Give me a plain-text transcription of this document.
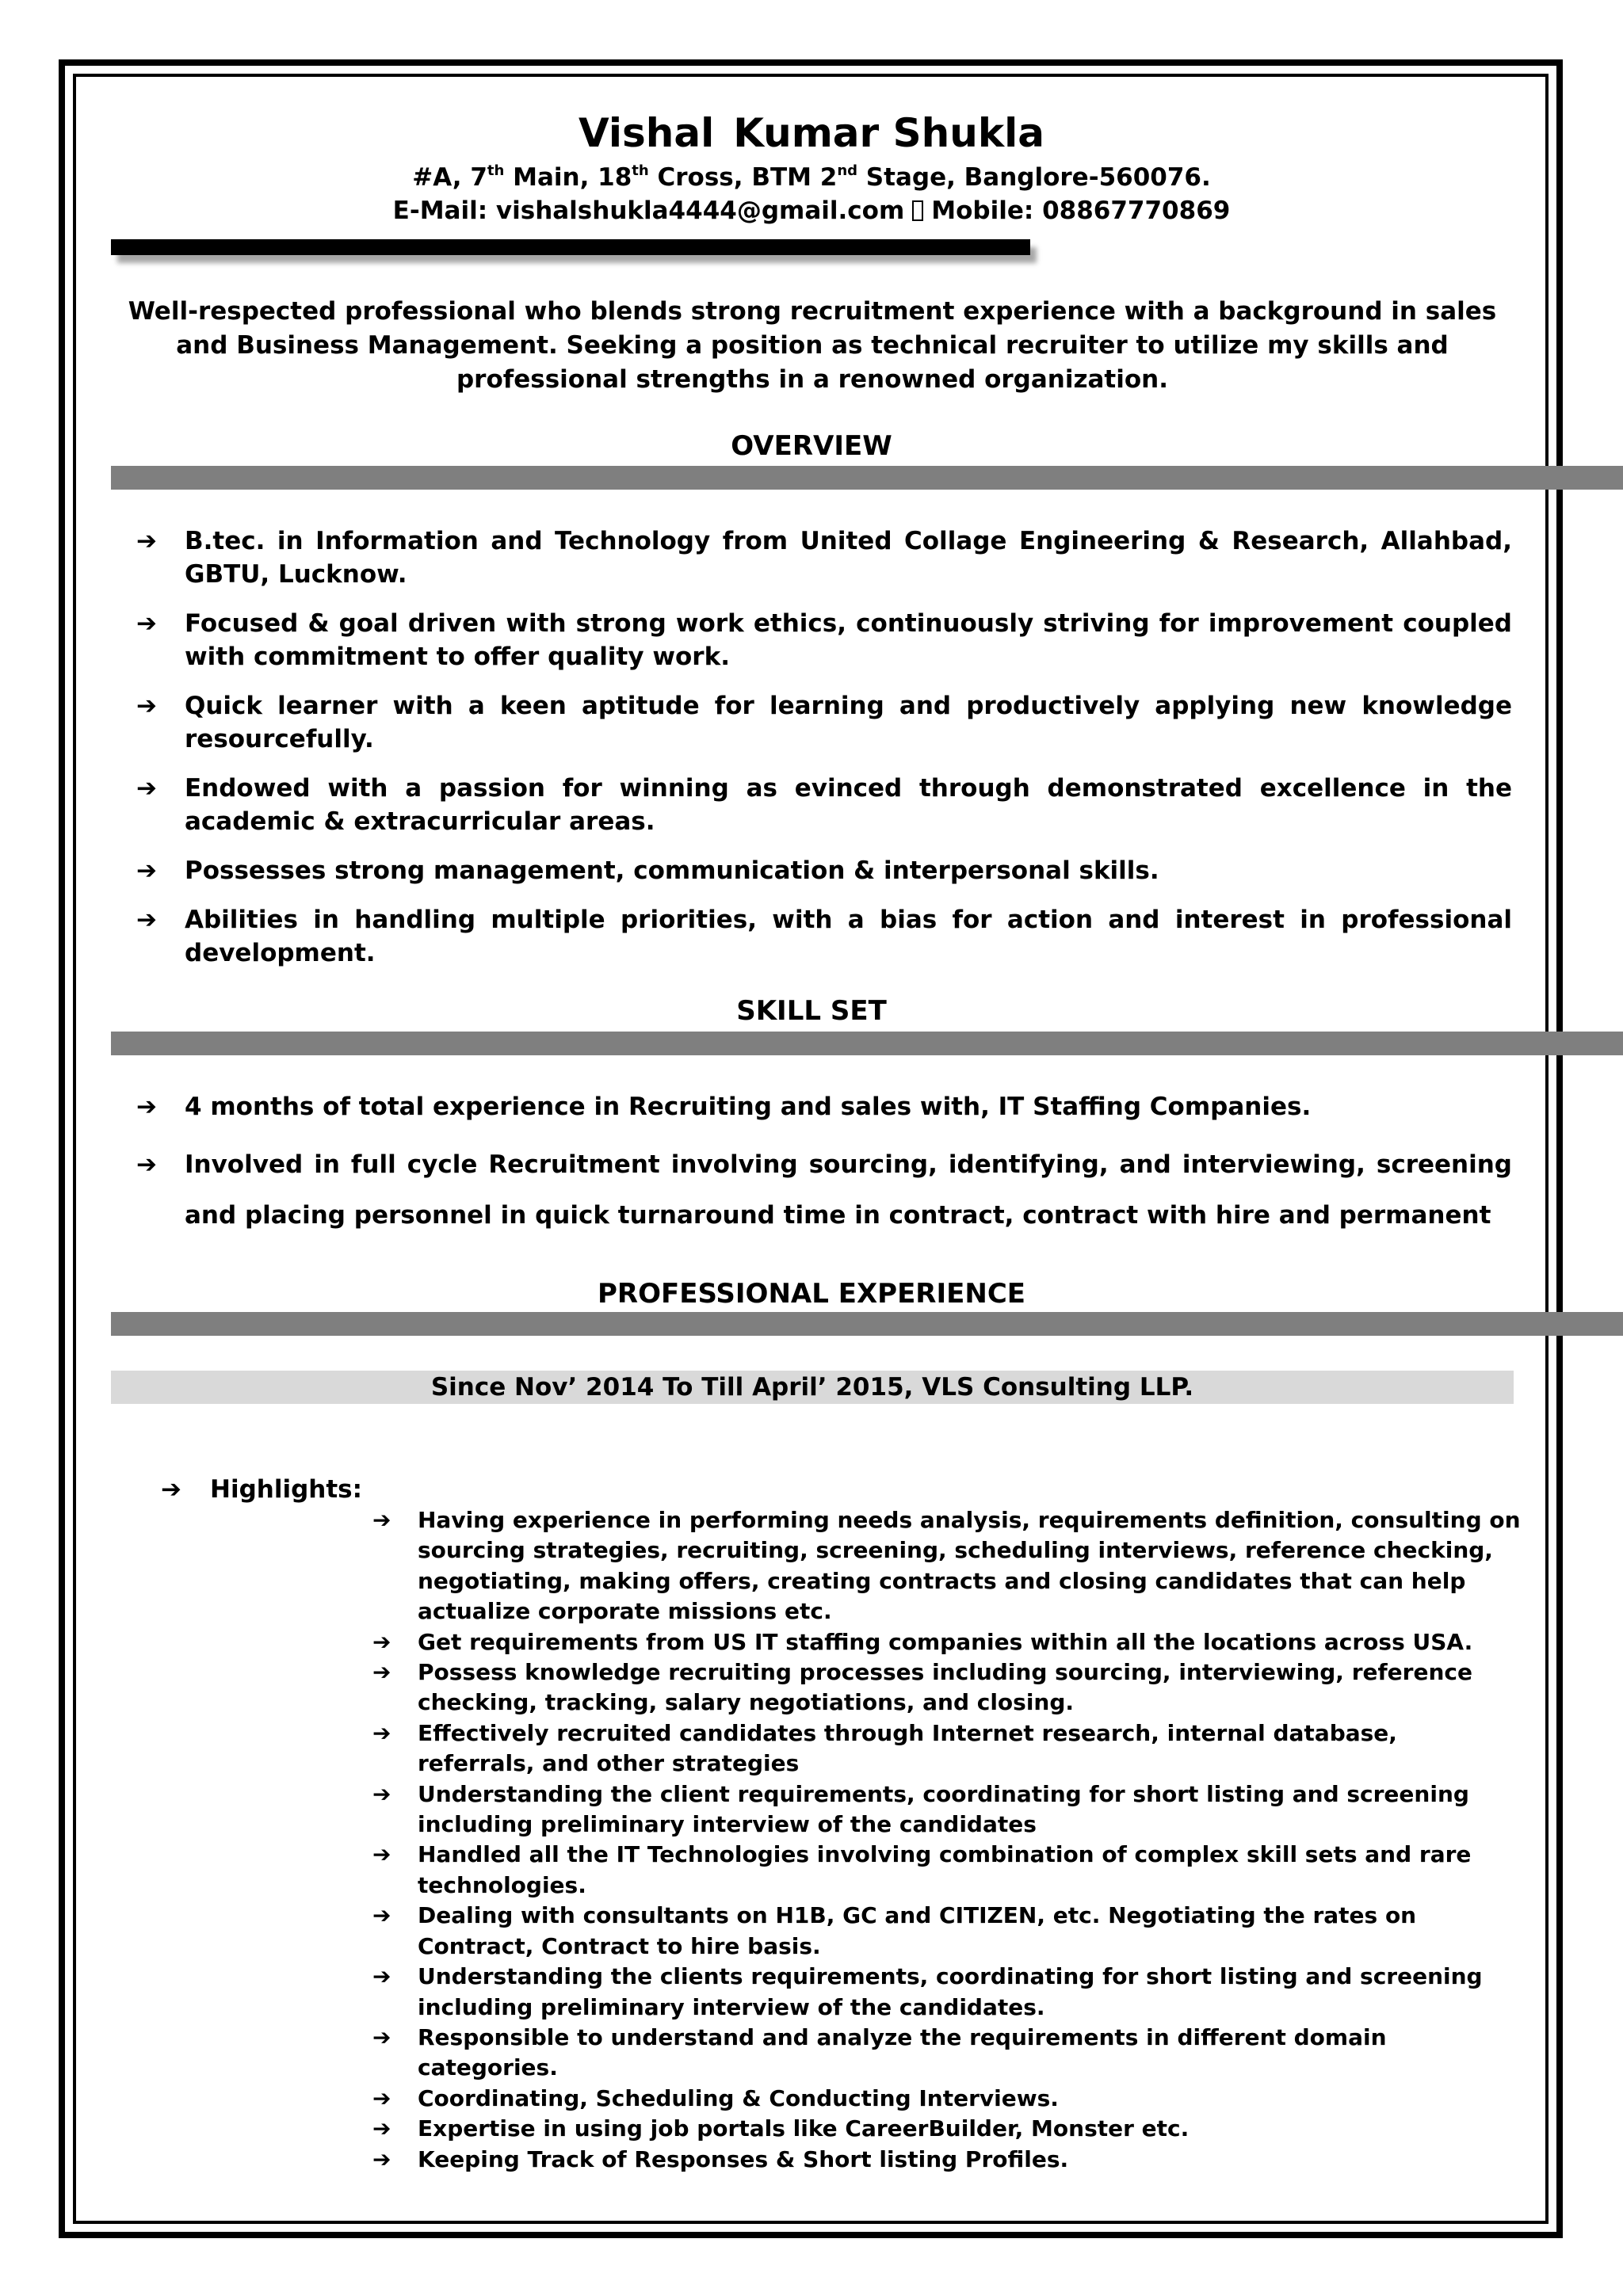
Vishal Kumar Shukla
#A, 7th Main, 18th Cross, BTM 2nd Stage, Banglore-560076.
E-Mail: vishalshukla4444@gmail.com Mobile: 08867770869
Well-respected professional who blends strong recruitment experience with a background in sales and Business Management. Seeking a position as technical recruiter to utilize my skills and professional strengths in a renowned organization.
OVERVIEW
➔ B.tec. in Information and Technology from United Collage Engineering & Research, Allahbad, GBTU, Lucknow.
➔ Focused & goal driven with strong work ethics, continuously striving for improvement coupled with commitment to offer quality work.
➔ Quick learner with a keen aptitude for learning and productively applying new knowledge resourcefully.
➔ Endowed with a passion for winning as evinced through demonstrated excellence in the academic & extracurricular areas.
➔ Possesses strong management, communication & interpersonal skills.
➔ Abilities in handling multiple priorities, with a bias for action and interest in professional development.
SKILL SET
➔ 4 months of total experience in Recruiting and sales with, IT Staffing Companies.
➔ Involved in full cycle Recruitment involving sourcing, identifying, and interviewing, screening and placing personnel in quick turnaround time in contract, contract with hire and permanent
PROFESSIONAL EXPERIENCE
Since Nov’ 2014 To Till April’ 2015, VLS Consulting LLP.
➔ Highlights:
➔ Having experience in performing needs analysis, requirements definition, consulting on sourcing strategies, recruiting, screening, scheduling interviews, reference checking, negotiating, making offers, creating contracts and closing candidates that can help actualize corporate missions etc.
➔ Get requirements from US IT staffing companies within all the locations across USA.
➔ Possess knowledge recruiting processes including sourcing, interviewing, reference checking, tracking, salary negotiations, and closing.
➔ Effectively recruited candidates through Internet research, internal database, referrals, and other strategies
➔ Understanding the client requirements, coordinating for short listing and screening including preliminary interview of the candidates
➔ Handled all the IT Technologies involving combination of complex skill sets and rare technologies.
➔ Dealing with consultants on H1B, GC and CITIZEN, etc. Negotiating the rates on Contract, Contract to hire basis.
➔ Understanding the clients requirements, coordinating for short listing and screening including preliminary interview of the candidates.
➔ Responsible to understand and analyze the requirements in different domain categories.
➔ Coordinating, Scheduling & Conducting Interviews.
➔ Expertise in using job portals like CareerBuilder, Monster etc.
➔ Keeping Track of Responses & Short listing Profiles.
